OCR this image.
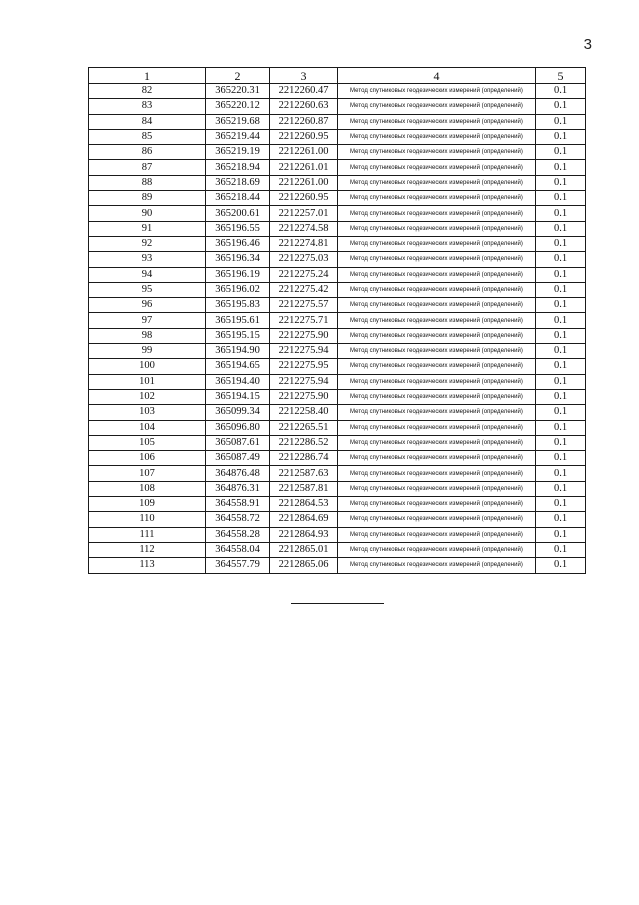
3
1	2	3	4	5
82	365220.31	2212260.47	Метод спутниковых геодезических измерений (определений)	0.1
83	365220.12	2212260.63	Метод спутниковых геодезических измерений (определений)	0.1
84	365219.68	2212260.87	Метод спутниковых геодезических измерений (определений)	0.1
85	365219.44	2212260.95	Метод спутниковых геодезических измерений (определений)	0.1
86	365219.19	2212261.00	Метод спутниковых геодезических измерений (определений)	0.1
87	365218.94	2212261.01	Метод спутниковых геодезических измерений (определений)	0.1
88	365218.69	2212261.00	Метод спутниковых геодезических измерений (определений)	0.1
89	365218.44	2212260.95	Метод спутниковых геодезических измерений (определений)	0.1
90	365200.61	2212257.01	Метод спутниковых геодезических измерений (определений)	0.1
91	365196.55	2212274.58	Метод спутниковых геодезических измерений (определений)	0.1
92	365196.46	2212274.81	Метод спутниковых геодезических измерений (определений)	0.1
93	365196.34	2212275.03	Метод спутниковых геодезических измерений (определений)	0.1
94	365196.19	2212275.24	Метод спутниковых геодезических измерений (определений)	0.1
95	365196.02	2212275.42	Метод спутниковых геодезических измерений (определений)	0.1
96	365195.83	2212275.57	Метод спутниковых геодезических измерений (определений)	0.1
97	365195.61	2212275.71	Метод спутниковых геодезических измерений (определений)	0.1
98	365195.15	2212275.90	Метод спутниковых геодезических измерений (определений)	0.1
99	365194.90	2212275.94	Метод спутниковых геодезических измерений (определений)	0.1
100	365194.65	2212275.95	Метод спутниковых геодезических измерений (определений)	0.1
101	365194.40	2212275.94	Метод спутниковых геодезических измерений (определений)	0.1
102	365194.15	2212275.90	Метод спутниковых геодезических измерений (определений)	0.1
103	365099.34	2212258.40	Метод спутниковых геодезических измерений (определений)	0.1
104	365096.80	2212265.51	Метод спутниковых геодезических измерений (определений)	0.1
105	365087.61	2212286.52	Метод спутниковых геодезических измерений (определений)	0.1
106	365087.49	2212286.74	Метод спутниковых геодезических измерений (определений)	0.1
107	364876.48	2212587.63	Метод спутниковых геодезических измерений (определений)	0.1
108	364876.31	2212587.81	Метод спутниковых геодезических измерений (определений)	0.1
109	364558.91	2212864.53	Метод спутниковых геодезических измерений (определений)	0.1
110	364558.72	2212864.69	Метод спутниковых геодезических измерений (определений)	0.1
111	364558.28	2212864.93	Метод спутниковых геодезических измерений (определений)	0.1
112	364558.04	2212865.01	Метод спутниковых геодезических измерений (определений)	0.1
113	364557.79	2212865.06	Метод спутниковых геодезических измерений (определений)	0.1
